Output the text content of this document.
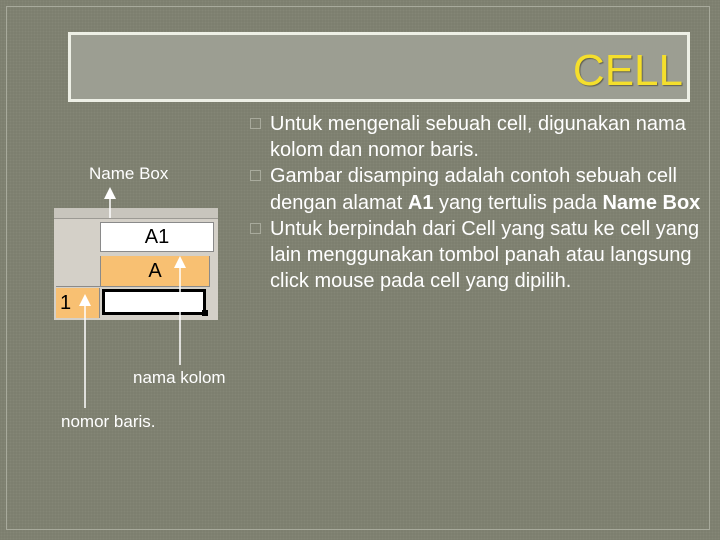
CELL
A1
A
1
Name Box
nama kolom
nomor baris.
Untuk mengenali sebuah cell, digunakan nama kolom dan nomor baris.
Gambar disamping adalah contoh sebuah cell dengan alamat A1 yang tertulis pada Name Box
Untuk berpindah dari Cell yang satu ke cell yang lain menggunakan tombol panah atau langsung click mouse pada cell yang dipilih.
